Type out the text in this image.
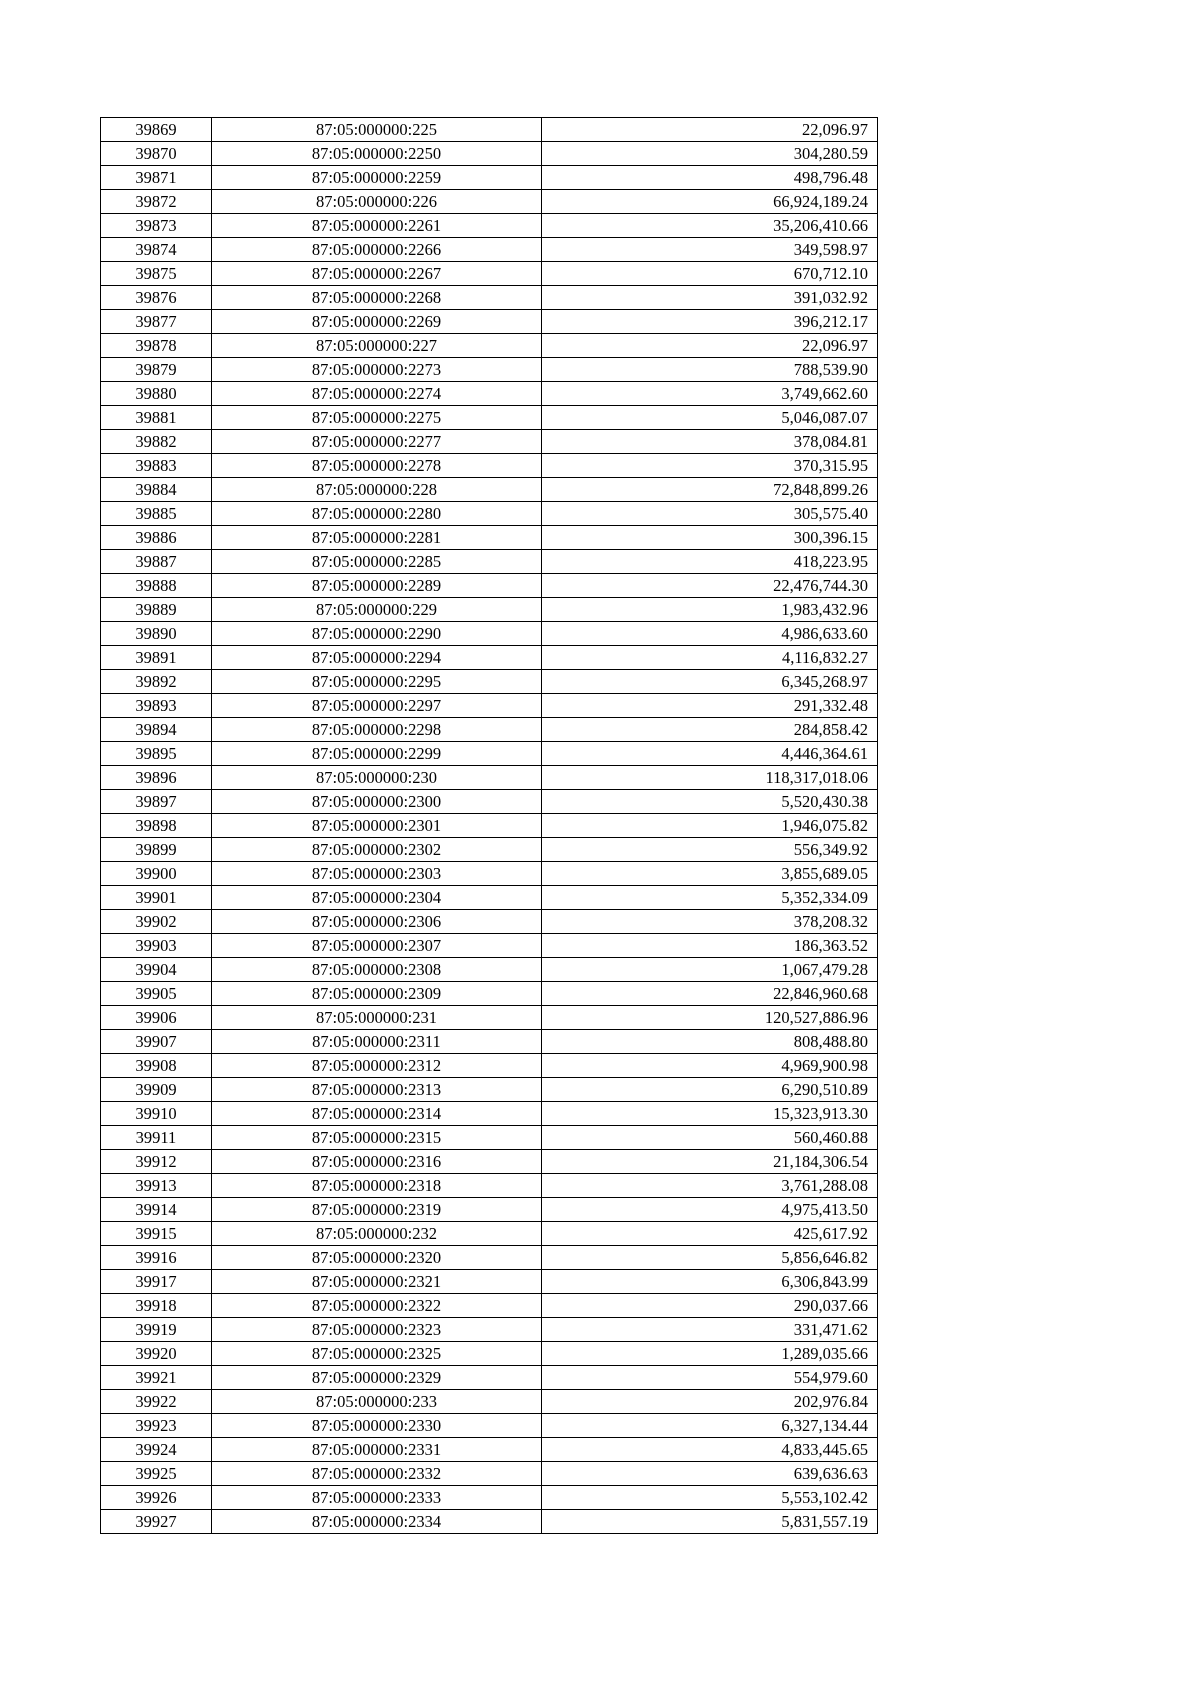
39869	87:05:000000:225	22,096.97
39870	87:05:000000:2250	304,280.59
39871	87:05:000000:2259	498,796.48
39872	87:05:000000:226	66,924,189.24
39873	87:05:000000:2261	35,206,410.66
39874	87:05:000000:2266	349,598.97
39875	87:05:000000:2267	670,712.10
39876	87:05:000000:2268	391,032.92
39877	87:05:000000:2269	396,212.17
39878	87:05:000000:227	22,096.97
39879	87:05:000000:2273	788,539.90
39880	87:05:000000:2274	3,749,662.60
39881	87:05:000000:2275	5,046,087.07
39882	87:05:000000:2277	378,084.81
39883	87:05:000000:2278	370,315.95
39884	87:05:000000:228	72,848,899.26
39885	87:05:000000:2280	305,575.40
39886	87:05:000000:2281	300,396.15
39887	87:05:000000:2285	418,223.95
39888	87:05:000000:2289	22,476,744.30
39889	87:05:000000:229	1,983,432.96
39890	87:05:000000:2290	4,986,633.60
39891	87:05:000000:2294	4,116,832.27
39892	87:05:000000:2295	6,345,268.97
39893	87:05:000000:2297	291,332.48
39894	87:05:000000:2298	284,858.42
39895	87:05:000000:2299	4,446,364.61
39896	87:05:000000:230	118,317,018.06
39897	87:05:000000:2300	5,520,430.38
39898	87:05:000000:2301	1,946,075.82
39899	87:05:000000:2302	556,349.92
39900	87:05:000000:2303	3,855,689.05
39901	87:05:000000:2304	5,352,334.09
39902	87:05:000000:2306	378,208.32
39903	87:05:000000:2307	186,363.52
39904	87:05:000000:2308	1,067,479.28
39905	87:05:000000:2309	22,846,960.68
39906	87:05:000000:231	120,527,886.96
39907	87:05:000000:2311	808,488.80
39908	87:05:000000:2312	4,969,900.98
39909	87:05:000000:2313	6,290,510.89
39910	87:05:000000:2314	15,323,913.30
39911	87:05:000000:2315	560,460.88
39912	87:05:000000:2316	21,184,306.54
39913	87:05:000000:2318	3,761,288.08
39914	87:05:000000:2319	4,975,413.50
39915	87:05:000000:232	425,617.92
39916	87:05:000000:2320	5,856,646.82
39917	87:05:000000:2321	6,306,843.99
39918	87:05:000000:2322	290,037.66
39919	87:05:000000:2323	331,471.62
39920	87:05:000000:2325	1,289,035.66
39921	87:05:000000:2329	554,979.60
39922	87:05:000000:233	202,976.84
39923	87:05:000000:2330	6,327,134.44
39924	87:05:000000:2331	4,833,445.65
39925	87:05:000000:2332	639,636.63
39926	87:05:000000:2333	5,553,102.42
39927	87:05:000000:2334	5,831,557.19
